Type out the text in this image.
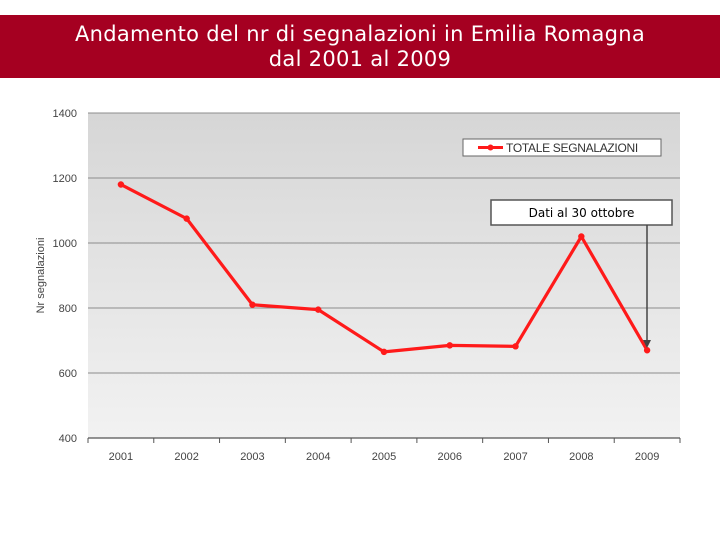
Andamento del nr di segnalazioni in Emilia Romagna
dal 2001 al 2009
400
600
800
1000
1200
1400
2001	2002	2003	2004	2005	2006	2007	2008	2009
Nr segnalazioni
TOTALE SEGNALAZIONI
Dati al 30 ottobre
